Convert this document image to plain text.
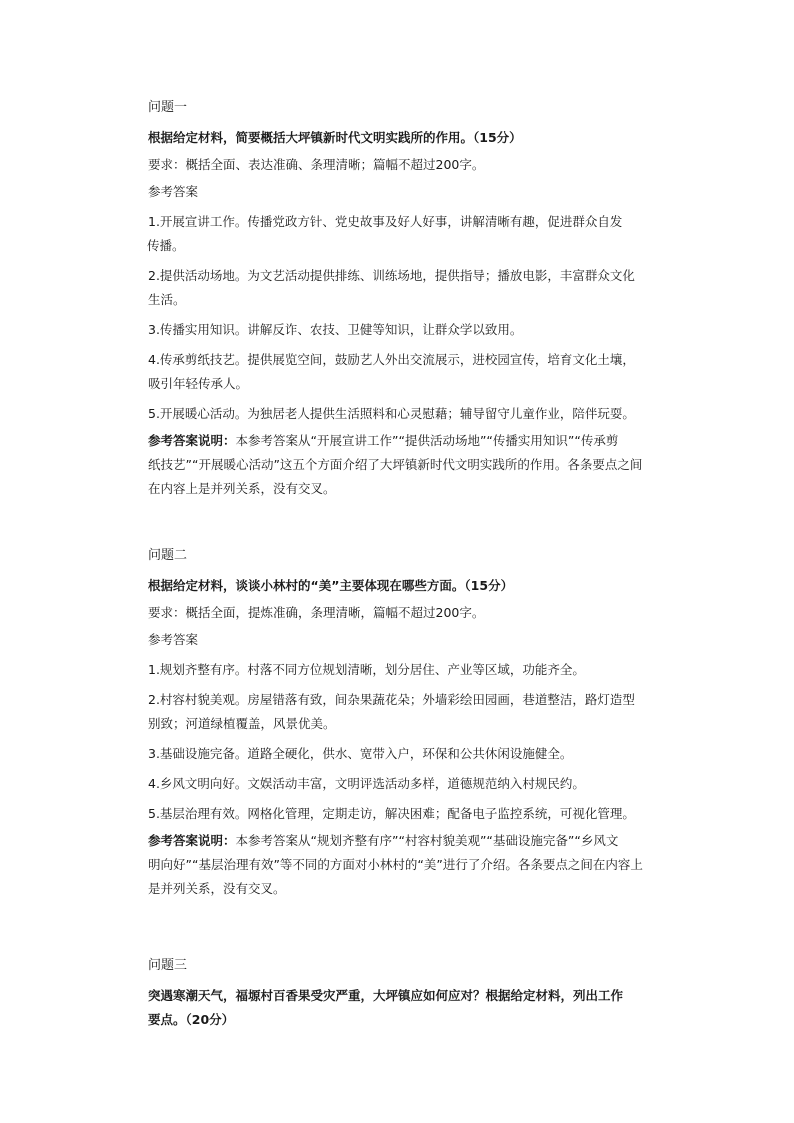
问题一

根据给定材料，简要概括大坪镇新时代文明实践所的作用。（15分）

要求：概括全面、表达准确、条理清晰；篇幅不超过200字。

参考答案

1.开展宣讲工作。传播党政方针、党史故事及好人好事，讲解清晰有趣，促进群众自发

传播。

2.提供活动场地。为文艺活动提供排练、训练场地，提供指导；播放电影，丰富群众文化

生活。

3.传播实用知识。讲解反诈、农技、卫健等知识，让群众学以致用。

4.传承剪纸技艺。提供展览空间，鼓励艺人外出交流展示，进校园宣传，培育文化土壤，

吸引年轻传承人。

5.开展暖心活动。为独居老人提供生活照料和心灵慰藉；辅导留守儿童作业，陪伴玩耍。

参考答案说明：本参考答案从“开展宣讲工作”“提供活动场地”“传播实用知识”“传承剪

纸技艺”“开展暖心活动”这五个方面介绍了大坪镇新时代文明实践所的作用。各条要点之间

在内容上是并列关系，没有交叉。

问题二

根据给定材料，谈谈小林村的“美”主要体现在哪些方面。（15分）

要求：概括全面，提炼准确，条理清晰，篇幅不超过200字。

参考答案

1.规划齐整有序。村落不同方位规划清晰，划分居住、产业等区域，功能齐全。

2.村容村貌美观。房屋错落有致，间杂果蔬花朵；外墙彩绘田园画，巷道整洁，路灯造型

别致；河道绿植覆盖，风景优美。

3.基础设施完备。道路全硬化，供水、宽带入户，环保和公共休闲设施健全。

4.乡风文明向好。文娱活动丰富，文明评选活动多样，道德规范纳入村规民约。

5.基层治理有效。网格化管理，定期走访，解决困难；配备电子监控系统，可视化管理。

参考答案说明：本参考答案从“规划齐整有序”“村容村貌美观”“基础设施完备”“乡风文

明向好”“基层治理有效”等不同的方面对小林村的“美”进行了介绍。各条要点之间在内容上

是并列关系，没有交叉。

问题三

突遇寒潮天气，福塬村百香果受灾严重，大坪镇应如何应对？根据给定材料，列出工作

要点。（20分）
